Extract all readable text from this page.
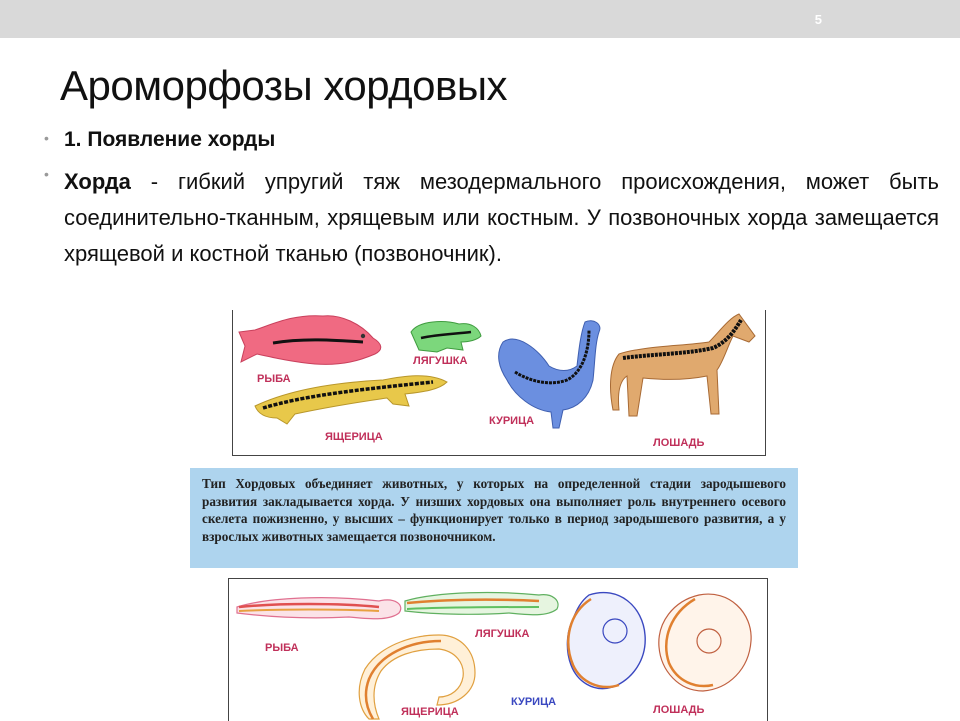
5
Ароморфозы хордовых
• 1. Появление хорды
• Хорда - гибкий упругий тяж мезодермального происхождения, может быть соединительно-тканным, хрящевым или костным. У позвоночных хорда замещается хрящевой и костной тканью (позвоночник).
РЫБА
ЛЯГУШКА
ЯЩЕРИЦА
КУРИЦА
ЛОШАДЬ
Тип Хордовых объединяет животных, у которых на определенной стадии зародышевого развития закладывается хорда. У низших хордовых она выполняет роль внутреннего осевого скелета пожизненно, у высших – функционирует только в период зародышевого развития, а у взрослых животных замещается позвоночником.
РЫБА
ЛЯГУШКА
ЯЩЕРИЦА
КУРИЦА
ЛОШАДЬ
